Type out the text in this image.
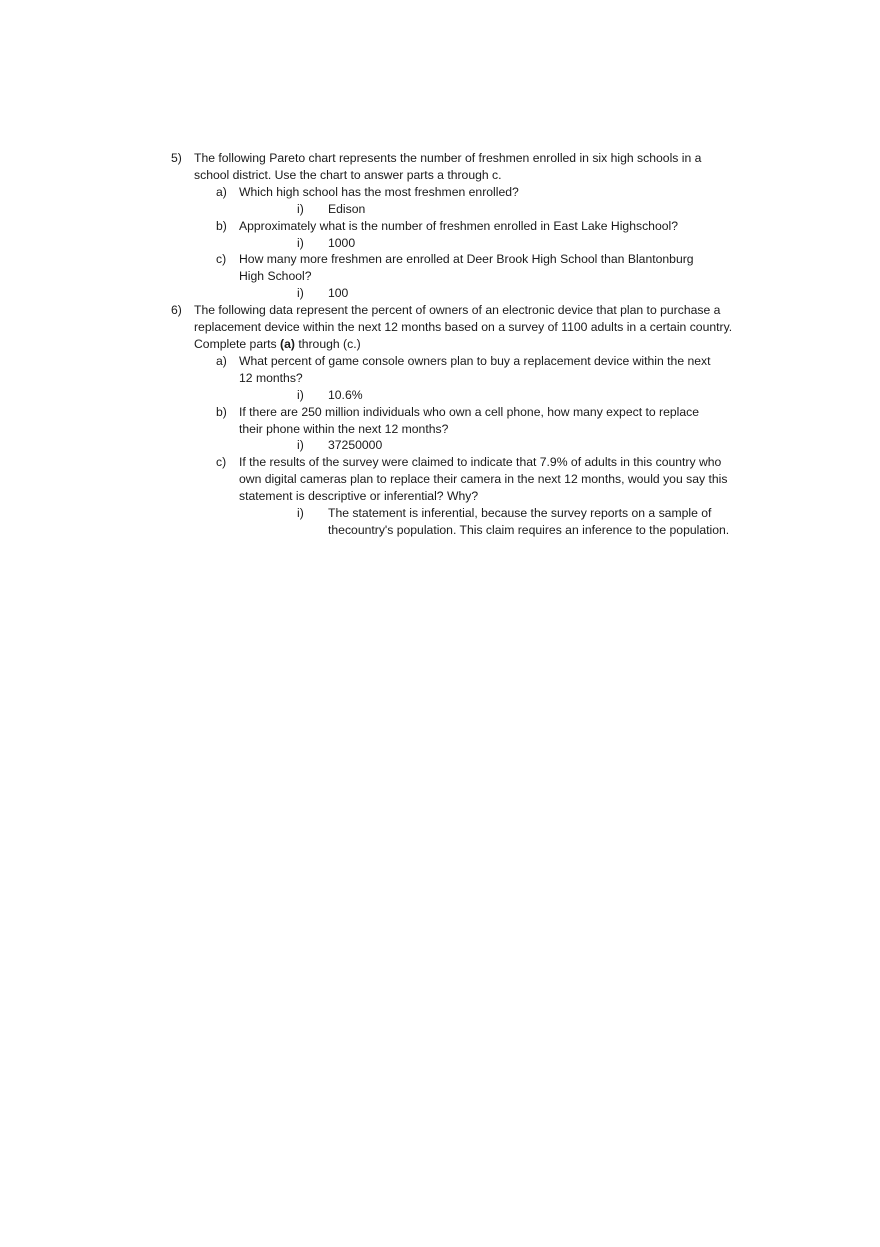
5) The following Pareto chart represents the number of freshmen enrolled in six high schools in a school district. Use the chart to answer parts a through c.
a) Which high school has the most freshmen enrolled?
i) Edison
b) Approximately what is the number of freshmen enrolled in East Lake Highschool?
i) 1000
c) How many more freshmen are enrolled at Deer Brook High School than Blantonburg High School?
i) 100
6) The following data represent the percent of owners of an electronic device that plan to purchase a replacement device within the next 12 months based on a survey of 1100 adults in a certain country. Complete parts (a) through (c.)
a) What percent of game console owners plan to buy a replacement device within the next 12 months?
i) 10.6%
b) If there are 250 million individuals who own a cell phone, how many expect to replace their phone within the next 12 months?
i) 37250000
c) If the results of the survey were claimed to indicate that 7.9% of adults in this country who own digital cameras plan to replace their camera in the next 12 months, would you say this statement is descriptive or inferential? Why?
i) The statement is inferential, because the survey reports on a sample of
thecountry's population. This claim requires an inference to the population.
